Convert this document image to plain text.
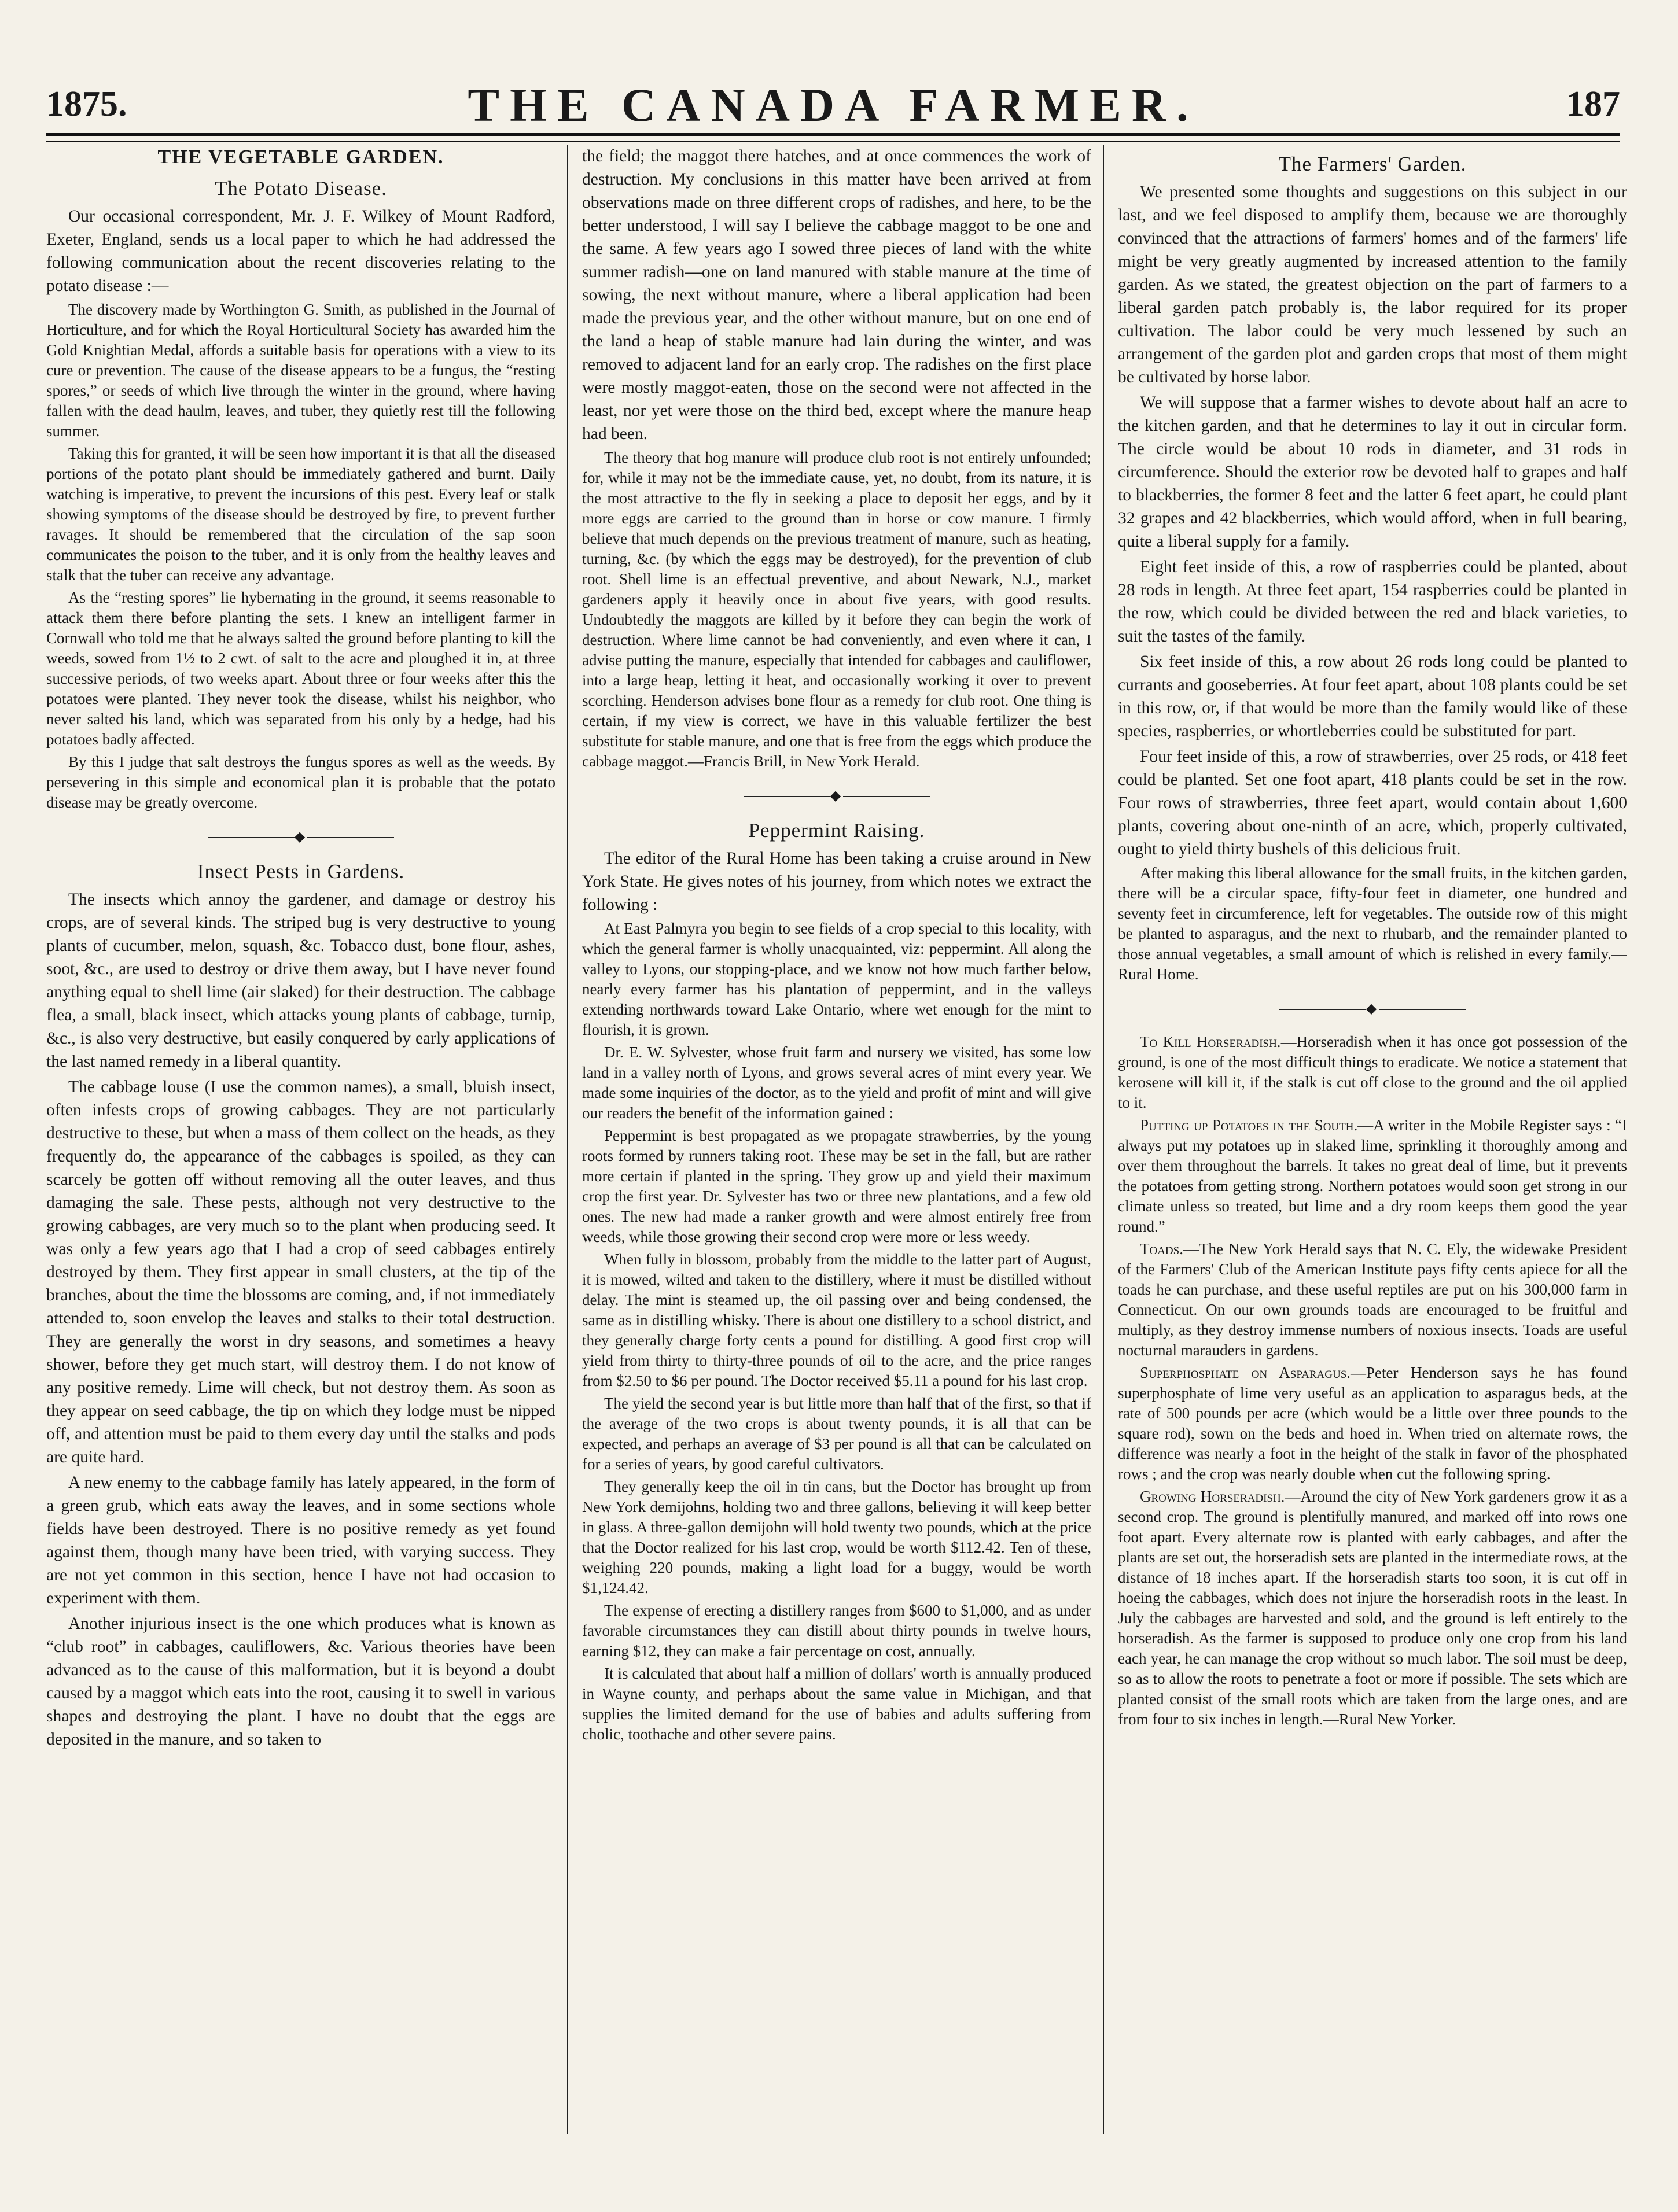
1875.	THE CANADA FARMER.	187
THE VEGETABLE GARDEN.
The Potato Disease.

Our occasional correspondent, Mr. J. F. Wilkey of Mount Radford, Exeter, England, sends us a local paper to which he had addressed the following communication about the recent discoveries relating to the potato disease :—

The discovery made by Worthington G. Smith, as published in the Journal of Horticulture, and for which the Royal Horticultural Society has awarded him the Gold Knightian Medal, affords a suitable basis for operations with a view to its cure or prevention. The cause of the disease appears to be a fungus, the “resting spores,” or seeds of which live through the winter in the ground, where having fallen with the dead haulm, leaves, and tuber, they quietly rest till the following summer.

Taking this for granted, it will be seen how important it is that all the diseased portions of the potato plant should be immediately gathered and burnt. Daily watching is imperative, to prevent the incursions of this pest. Every leaf or stalk showing symptoms of the disease should be destroyed by fire, to prevent further ravages. It should be remembered that the circulation of the sap soon communicates the poison to the tuber, and it is only from the healthy leaves and stalk that the tuber can receive any advantage.

As the “resting spores” lie hybernating in the ground, it seems reasonable to attack them there before planting the sets. I knew an intelligent farmer in Cornwall who told me that he always salted the ground before planting to kill the weeds, sowed from 1½ to 2 cwt. of salt to the acre and ploughed it in, at three successive periods, of two weeks apart. About three or four weeks after this the potatoes were planted. They never took the disease, whilst his neighbor, who never salted his land, which was separated from his only by a hedge, had his potatoes badly affected.

By this I judge that salt destroys the fungus spores as well as the weeds. By persevering in this simple and economical plan it is probable that the potato disease may be greatly overcome.

◆
Insect Pests in Gardens.

The insects which annoy the gardener, and damage or destroy his crops, are of several kinds. The striped bug is very destructive to young plants of cucumber, melon, squash, &c. Tobacco dust, bone flour, ashes, soot, &c., are used to destroy or drive them away, but I have never found anything equal to shell lime (air slaked) for their destruction. The cabbage flea, a small, black insect, which attacks young plants of cabbage, turnip, &c., is also very destructive, but easily conquered by early applications of the last named remedy in a liberal quantity.

The cabbage louse (I use the common names), a small, bluish insect, often infests crops of growing cabbages. They are not particularly destructive to these, but when a mass of them collect on the heads, as they frequently do, the appearance of the cabbages is spoiled, as they can scarcely be gotten off without removing all the outer leaves, and thus damaging the sale. These pests, although not very destructive to the growing cabbages, are very much so to the plant when producing seed. It was only a few years ago that I had a crop of seed cabbages entirely destroyed by them. They first appear in small clusters, at the tip of the branches, about the time the blossoms are coming, and, if not immediately attended to, soon envelop the leaves and stalks to their total destruction. They are generally the worst in dry seasons, and sometimes a heavy shower, before they get much start, will destroy them. I do not know of any positive remedy. Lime will check, but not destroy them. As soon as they appear on seed cabbage, the tip on which they lodge must be nipped off, and attention must be paid to them every day until the stalks and pods are quite hard.

A new enemy to the cabbage family has lately appeared, in the form of a green grub, which eats away the leaves, and in some sections whole fields have been destroyed. There is no positive remedy as yet found against them, though many have been tried, with varying success. They are not yet common in this section, hence I have not had occasion to experiment with them.

Another injurious insect is the one which produces what is known as “club root” in cabbages, cauliflowers, &c. Various theories have been advanced as to the cause of this malformation, but it is beyond a doubt caused by a maggot which eats into the root, causing it to swell in various shapes and destroying the plant. I have no doubt that the eggs are deposited in the manure, and so taken to

the field; the maggot there hatches, and at once commences the work of destruction. My conclusions in this matter have been arrived at from observations made on three different crops of radishes, and here, to be the better understood, I will say I believe the cabbage maggot to be one and the same. A few years ago I sowed three pieces of land with the white summer radish—one on land manured with stable manure at the time of sowing, the next without manure, where a liberal application had been made the previous year, and the other without manure, but on one end of the land a heap of stable manure had lain during the winter, and was removed to adjacent land for an early crop. The radishes on the first place were mostly maggot-eaten, those on the second were not affected in the least, nor yet were those on the third bed, except where the manure heap had been.

The theory that hog manure will produce club root is not entirely unfounded; for, while it may not be the immediate cause, yet, no doubt, from its nature, it is the most attractive to the fly in seeking a place to deposit her eggs, and by it more eggs are carried to the ground than in horse or cow manure. I firmly believe that much depends on the previous treatment of manure, such as heating, turning, &c. (by which the eggs may be destroyed), for the prevention of club root. Shell lime is an effectual preventive, and about Newark, N.J., market gardeners apply it heavily once in about five years, with good results. Undoubtedly the maggots are killed by it before they can begin the work of destruction. Where lime cannot be had conveniently, and even where it can, I advise putting the manure, especially that intended for cabbages and cauliflower, into a large heap, letting it heat, and occasionally working it over to prevent scorching. Henderson advises bone flour as a remedy for club root. One thing is certain, if my view is correct, we have in this valuable fertilizer the best substitute for stable manure, and one that is free from the eggs which produce the cabbage maggot.—Francis Brill, in New York Herald.

◆
Peppermint Raising.

The editor of the Rural Home has been taking a cruise around in New York State. He gives notes of his journey, from which notes we extract the following :

At East Palmyra you begin to see fields of a crop special to this locality, with which the general farmer is wholly unacquainted, viz: peppermint. All along the valley to Lyons, our stopping-place, and we know not how much farther below, nearly every farmer has his plantation of peppermint, and in the valleys extending northwards toward Lake Ontario, where wet enough for the mint to flourish, it is grown.

Dr. E. W. Sylvester, whose fruit farm and nursery we visited, has some low land in a valley north of Lyons, and grows several acres of mint every year. We made some inquiries of the doctor, as to the yield and profit of mint and will give our readers the benefit of the information gained :

Peppermint is best propagated as we propagate strawberries, by the young roots formed by runners taking root. These may be set in the fall, but are rather more certain if planted in the spring. They grow up and yield their maximum crop the first year. Dr. Sylvester has two or three new plantations, and a few old ones. The new had made a ranker growth and were almost entirely free from weeds, while those growing their second crop were more or less weedy.

When fully in blossom, probably from the middle to the latter part of August, it is mowed, wilted and taken to the distillery, where it must be distilled without delay. The mint is steamed up, the oil passing over and being condensed, the same as in distilling whisky. There is about one distillery to a school district, and they generally charge forty cents a pound for distilling. A good first crop will yield from thirty to thirty-three pounds of oil to the acre, and the price ranges from $2.50 to $6 per pound. The Doctor received $5.11 a pound for his last crop.

The yield the second year is but little more than half that of the first, so that if the average of the two crops is about twenty pounds, it is all that can be expected, and perhaps an average of $3 per pound is all that can be calculated on for a series of years, by good careful cultivators.

They generally keep the oil in tin cans, but the Doctor has brought up from New York demijohns, holding two and three gallons, believing it will keep better in glass. A three-gallon demijohn will hold twenty two pounds, which at the price that the Doctor realized for his last crop, would be worth $112.42. Ten of these, weighing 220 pounds, making a light load for a buggy, would be worth $1,124.42.

The expense of erecting a distillery ranges from $600 to $1,000, and as under favorable circumstances they can distill about thirty pounds in twelve hours, earning $12, they can make a fair percentage on cost, annually.

It is calculated that about half a million of dollars' worth is annually produced in Wayne county, and perhaps about the same value in Michigan, and that supplies the limited demand for the use of babies and adults suffering from cholic, toothache and other severe pains.

The Farmers' Garden.

We presented some thoughts and suggestions on this subject in our last, and we feel disposed to amplify them, because we are thoroughly convinced that the attractions of farmers' homes and of the farmers' life might be very greatly augmented by increased attention to the family garden. As we stated, the greatest objection on the part of farmers to a liberal garden patch probably is, the labor required for its proper cultivation. The labor could be very much lessened by such an arrangement of the garden plot and garden crops that most of them might be cultivated by horse labor.

We will suppose that a farmer wishes to devote about half an acre to the kitchen garden, and that he determines to lay it out in circular form. The circle would be about 10 rods in diameter, and 31 rods in circumference. Should the exterior row be devoted half to grapes and half to blackberries, the former 8 feet and the latter 6 feet apart, he could plant 32 grapes and 42 blackberries, which would afford, when in full bearing, quite a liberal supply for a family.

Eight feet inside of this, a row of raspberries could be planted, about 28 rods in length. At three feet apart, 154 raspberries could be planted in the row, which could be divided between the red and black varieties, to suit the tastes of the family.

Six feet inside of this, a row about 26 rods long could be planted to currants and gooseberries. At four feet apart, about 108 plants could be set in this row, or, if that would be more than the family would like of these species, raspberries, or whortleberries could be substituted for part.

Four feet inside of this, a row of strawberries, over 25 rods, or 418 feet could be planted. Set one foot apart, 418 plants could be set in the row. Four rows of strawberries, three feet apart, would contain about 1,600 plants, covering about one-ninth of an acre, which, properly cultivated, ought to yield thirty bushels of this delicious fruit.

After making this liberal allowance for the small fruits, in the kitchen garden, there will be a circular space, fifty-four feet in diameter, one hundred and seventy feet in circumference, left for vegetables. The outside row of this might be planted to asparagus, and the next to rhubarb, and the remainder planted to those annual vegetables, a small amount of which is relished in every family.—Rural Home.

◆

To Kill Horseradish.—Horseradish when it has once got possession of the ground, is one of the most difficult things to eradicate. We notice a statement that kerosene will kill it, if the stalk is cut off close to the ground and the oil applied to it.

Putting up Potatoes in the South.—A writer in the Mobile Register says : “I always put my potatoes up in slaked lime, sprinkling it thoroughly among and over them throughout the barrels. It takes no great deal of lime, but it prevents the potatoes from getting strong. Northern potatoes would soon get strong in our climate unless so treated, but lime and a dry room keeps them good the year round.”

Toads.—The New York Herald says that N. C. Ely, the widewake President of the Farmers' Club of the American Institute pays fifty cents apiece for all the toads he can purchase, and these useful reptiles are put on his 300,000 farm in Connecticut. On our own grounds toads are encouraged to be fruitful and multiply, as they destroy immense numbers of noxious insects. Toads are useful nocturnal marauders in gardens.

Superphosphate on Asparagus.—Peter Henderson says he has found superphosphate of lime very useful as an application to asparagus beds, at the rate of 500 pounds per acre (which would be a little over three pounds to the square rod), sown on the beds and hoed in. When tried on alternate rows, the difference was nearly a foot in the height of the stalk in favor of the phosphated rows ; and the crop was nearly double when cut the following spring.

Growing Horseradish.—Around the city of New York gardeners grow it as a second crop. The ground is plentifully manured, and marked off into rows one foot apart. Every alternate row is planted with early cabbages, and after the plants are set out, the horseradish sets are planted in the intermediate rows, at the distance of 18 inches apart. If the horseradish starts too soon, it is cut off in hoeing the cabbages, which does not injure the horseradish roots in the least. In July the cabbages are harvested and sold, and the ground is left entirely to the horseradish. As the farmer is supposed to produce only one crop from his land each year, he can manage the crop without so much labor. The soil must be deep, so as to allow the roots to penetrate a foot or more if possible. The sets which are planted consist of the small roots which are taken from the large ones, and are from four to six inches in length.—Rural New Yorker.
